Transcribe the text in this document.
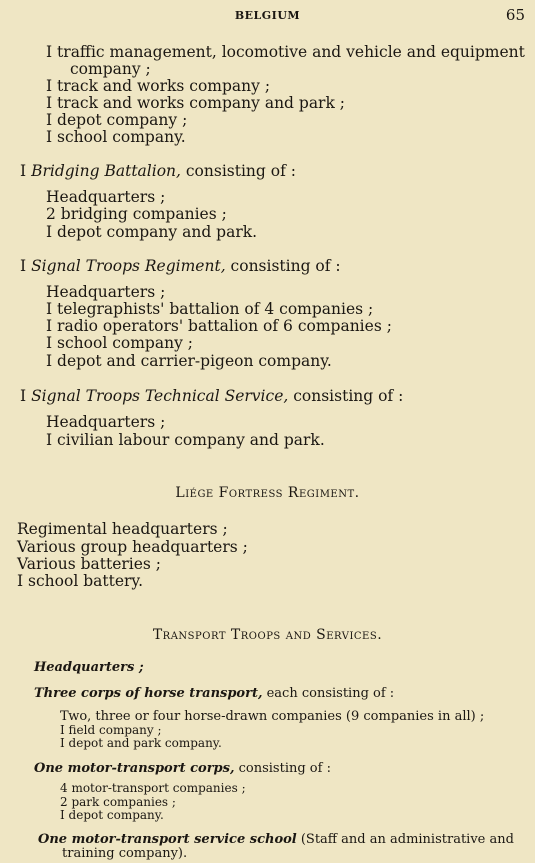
BELGIUM	65
I traffic management, locomotive and vehicle and equipment
company ;
I track and works company ;
I track and works company and park ;
I depot company ;
I school company.
I Bridging Battalion, consisting of :
Headquarters ;
2 bridging companies ;
I depot company and park.
I Signal Troops Regiment, consisting of :
Headquarters ;
I telegraphists' battalion of 4 companies ;
I radio operators' battalion of 6 companies ;
I school company ;
I depot and carrier-pigeon company.
I Signal Troops Technical Service, consisting of :
Headquarters ;
I civilian labour company and park.
Liége Fortress Regiment.
Regimental headquarters ;
Various group headquarters ;
Various batteries ;
I school battery.
Transport Troops and Services.
Headquarters ;
Three corps of horse transport, each consisting of :
Two, three or four horse-drawn companies (9 companies in all) ;
I field company ;
I depot and park company.
One motor-transport corps, consisting of :
4 motor-transport companies ;
2 park companies ;
I depot company.
One motor-transport service school (Staff and an administrative and
training company).
